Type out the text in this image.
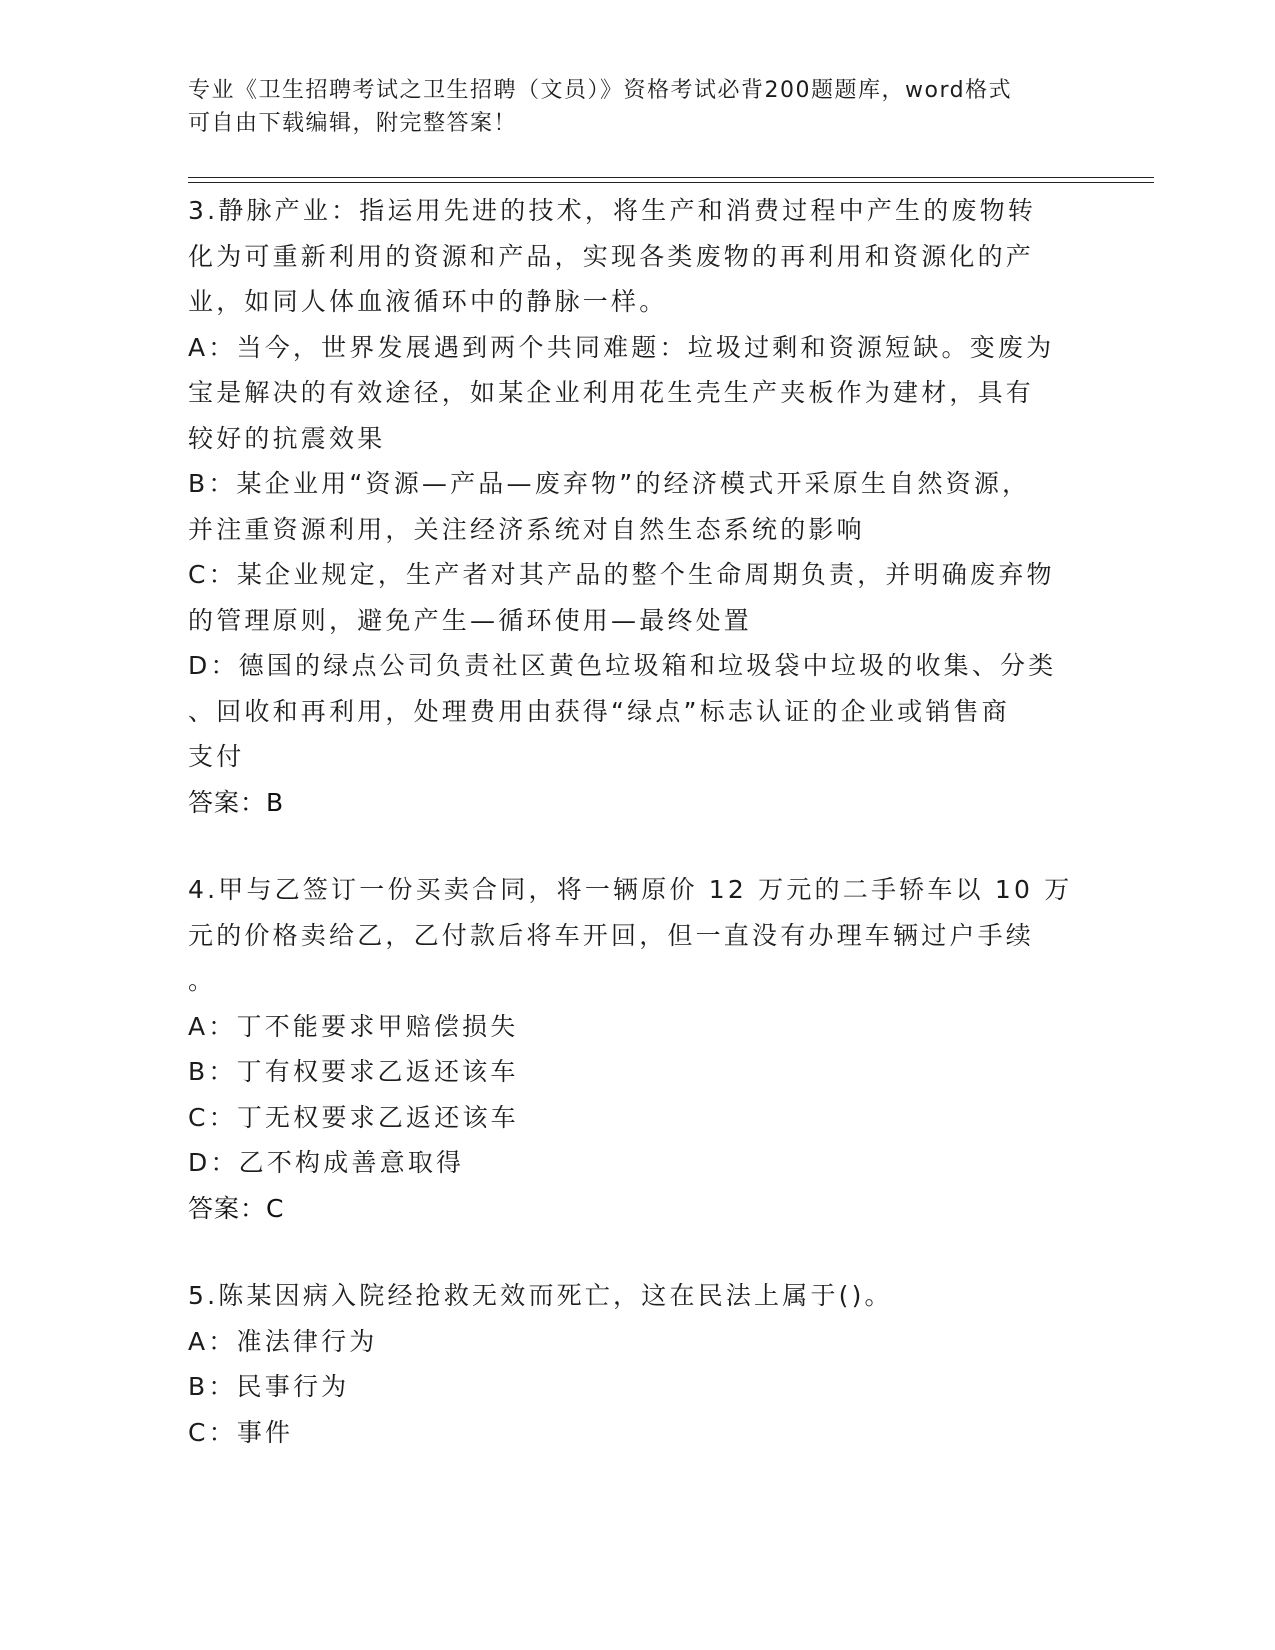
专业《卫生招聘考试之卫生招聘（文员）》资格考试必背200题题库，word格式
可自由下载编辑，附完整答案！
3.静脉产业：指运用先进的技术，将生产和消费过程中产生的废物转
化为可重新利用的资源和产品，实现各类废物的再利用和资源化的产
业，如同人体血液循环中的静脉一样。
A：当今，世界发展遇到两个共同难题：垃圾过剩和资源短缺。变废为
宝是解决的有效途径，如某企业利用花生壳生产夹板作为建材，具有
较好的抗震效果
B：某企业用“资源—产品—废弃物”的经济模式开采原生自然资源，
并注重资源利用，关注经济系统对自然生态系统的影响
C：某企业规定，生产者对其产品的整个生命周期负责，并明确废弃物
的管理原则，避免产生—循环使用—最终处置
D：德国的绿点公司负责社区黄色垃圾箱和垃圾袋中垃圾的收集、分类
、回收和再利用，处理费用由获得“绿点”标志认证的企业或销售商
支付
答案：B
4.甲与乙签订一份买卖合同，将一辆原价 12 万元的二手轿车以 10 万
元的价格卖给乙，乙付款后将车开回，但一直没有办理车辆过户手续
。
A：丁不能要求甲赔偿损失
B：丁有权要求乙返还该车
C：丁无权要求乙返还该车
D：乙不构成善意取得
答案：C
5.陈某因病入院经抢救无效而死亡，这在民法上属于()。
A：准法律行为
B：民事行为
C：事件
